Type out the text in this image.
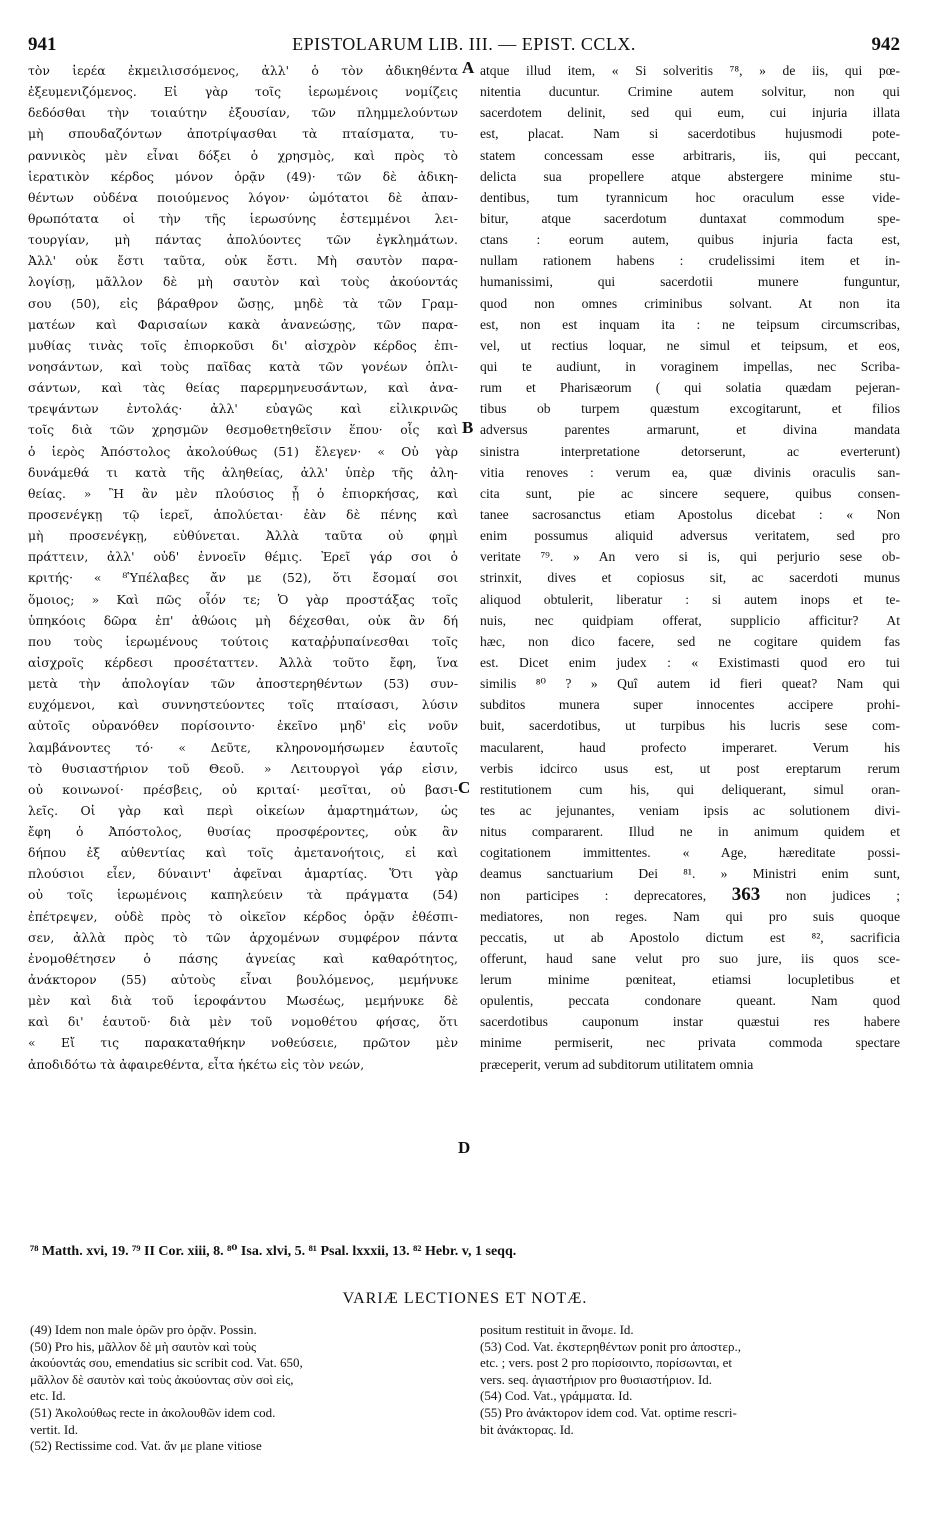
941	EPISTOLARUM LIB. III. — EPIST. CCLX.	942
τὸν ἱερέα ἐκμειλισσόμενος, ἀλλ' ὁ τὸν ἀδικηθέντα
ἐξευμενιζόμενος. Εἰ γὰρ τοῖς ἱερωμένοις νομίζεις
δεδόσθαι τὴν τοιαύτην ἐξουσίαν, τῶν πλημμελούντων
μὴ σπουδαζόντων ἀποτρίψασθαι τὰ πταίσματα, τυ-
ραννικὸς μὲν εἶναι δόξει ὁ χρησμὸς, καὶ πρὸς τὸ
ἱερατικὸν κέρδος μόνον ὁρᾷν (49)· τῶν δὲ ἀδικη-
θέντων οὐδένα ποιούμενος λόγον· ὠμότατοι δὲ ἀπαν-
θρωπότατα οἱ τὴν τῆς ἱερωσύνης ἐστεμμένοι λει-
τουργίαν, μὴ πάντας ἀπολύοντες τῶν ἐγκλημάτων.
Ἀλλ' οὐκ ἔστι ταῦτα, οὐκ ἔστι. Μὴ σαυτὸν παρα-
λογίσῃ, μᾶλλον δὲ μὴ σαυτὸν καὶ τοὺς ἀκούοντάς
σου (50), εἰς βάραθρον ὤσῃς, μηδὲ τὰ τῶν Γραμ-
ματέων καὶ Φαρισαίων κακὰ ἀνανεώσῃς, τῶν παρα-
μυθίας τινὰς τοῖς ἐπιορκοῦσι δι' αἰσχρὸν κέρδος ἐπι-
νοησάντων, καὶ τοὺς παῖδας κατὰ τῶν γονέων ὁπλι-
σάντων, καὶ τὰς θείας παρερμηνευσάντων, καὶ ἀνα-
τρεψάντων ἐντολάς· ἀλλ' εὐαγῶς καὶ εἰλικρινῶς
τοῖς διὰ τῶν χρησμῶν θεσμοθετηθεῖσιν ἕπου· οἷς καὶ
ὁ ἱερὸς Ἀπόστολος ἀκολούθως (51) ἔλεγεν· « Οὐ γὰρ
δυνάμεθά τι κατὰ τῆς ἀληθείας, ἀλλ' ὑπὲρ τῆς ἀλη-
θείας. » Ἢ ἂν μὲν πλούσιος ᾖ ὁ ἐπιορκήσας, καὶ
προσενέγκῃ τῷ ἱερεῖ, ἀπολύεται· ἐὰν δὲ πένης καὶ
μὴ προσενέγκῃ, εὐθύνεται. Ἀλλὰ ταῦτα οὐ φημὶ
πράττειν, ἀλλ' οὐδ' ἐννοεῖν θέμις. Ἐρεῖ γάρ σοι ὁ
κριτής· « ⁸Ὑπέλαβες ἄν με (52), ὅτι ἔσομαί σοι
ὅμοιος; » Καὶ πῶς οἷόν τε; Ὁ γὰρ προστάξας τοῖς
ὑπηκόοις δῶρα ἐπ' ἀθώοις μὴ δέχεσθαι, οὐκ ἂν δή
που τοὺς ἱερωμένους τούτοις καταῤῥυπαίνεσθαι τοῖς
αἰσχροῖς κέρδεσι προσέταττεν. Ἀλλὰ τοῦτο ἔφη, ἵνα
μετὰ τὴν ἀπολογίαν τῶν ἀποστερηθέντων (53) συν-
ευχόμενοι, καὶ συννηστεύοντες τοῖς πταίσασι, λύσιν
αὐτοῖς οὐρανόθεν πορίσοιντο· ἐκεῖνο μηδ' εἰς νοῦν
λαμβάνοντες τό· « Δεῦτε, κληρονομήσωμεν ἑαυτοῖς
τὸ θυσιαστήριον τοῦ Θεοῦ. » Λειτουργοὶ γάρ εἰσιν,
οὐ κοινωνοί· πρέσβεις, οὐ κριταί· μεσῖται, οὐ βασι-
λεῖς. Οἱ γὰρ καὶ περὶ οἰκείων ἁμαρτημάτων, ὡς
ἔφη ὁ Ἀπόστολος, θυσίας προσφέροντες, οὐκ ἂν
δήπου ἐξ αὐθεντίας καὶ τοῖς ἀμετανοήτοις, εἰ καὶ
πλούσιοι εἶεν, δύναιντ' ἀφεῖναι ἁμαρτίας. Ὅτι γὰρ
οὐ τοῖς ἱερωμένοις καπηλεύειν τὰ πράγματα (54)
ἐπέτρεψεν, οὐδὲ πρὸς τὸ οἰκεῖον κέρδος ὁρᾷν ἐθέσπι-
σεν, ἀλλὰ πρὸς τὸ τῶν ἀρχομένων συμφέρον πάντα
ἐνομοθέτησεν ὁ πάσης ἁγνείας καὶ καθαρότητος,
ἀνάκτορον (55) αὐτοὺς εἶναι βουλόμενος, μεμήνυκε
μὲν καὶ διὰ τοῦ ἱεροφάντου Μωσέως, μεμήνυκε δὲ
καὶ δι' ἑαυτοῦ· διὰ μὲν τοῦ νομοθέτου φήσας, ὅτι
« Εἴ τις παρακαταθήκην νοθεύσειε, πρῶτον μὲν
ἀποδιδότω τὰ ἀφαιρεθέντα, εἶτα ἡκέτω εἰς τὸν νεών,
atque illud item, « Si solveritis ⁷⁸, » de iis, qui pœ-
nitentia ducuntur. Crimine autem solvitur, non qui
sacerdotem delinit, sed qui eum, cui injuria illata
est, placat. Nam si sacerdotibus hujusmodi pote-
statem concessam esse arbitraris, iis, qui peccant,
delicta sua propellere atque abstergere minime stu-
dentibus, tum tyrannicum hoc oraculum esse vide-
bitur, atque sacerdotum duntaxat commodum spe-
ctans : eorum autem, quibus injuria facta est,
nullam rationem habens : crudelissimi item et in-
humanissimi, qui sacerdotii munere funguntur,
quod non omnes criminibus solvant. At non ita
est, non est inquam ita : ne teipsum circumscribas,
vel, ut rectius loquar, ne simul et teipsum, et eos,
qui te audiunt, in voraginem impellas, nec Scriba-
rum et Pharisæorum ( qui solatia quædam pejeran-
tibus ob turpem quæstum excogitarunt, et filios
adversus parentes armarunt, et divina mandata
sinistra interpretatione detorserunt, ac everterunt)
vitia renoves : verum ea, quæ divinis oraculis san-
cita sunt, pie ac sincere sequere, quibus consen-
tanee sacrosanctus etiam Apostolus dicebat : « Non
enim possumus aliquid adversus veritatem, sed pro
veritate ⁷⁹. » An vero si is, qui perjurio sese ob-
strinxit, dives et copiosus sit, ac sacerdoti munus
aliquod obtulerit, liberatur : si autem inops et te-
nuis, nec quidpiam offerat, supplicio afficitur? At
hæc, non dico facere, sed ne cogitare quidem fas
est. Dicet enim judex : « Existimasti quod ero tui
similis ⁸⁰ ? » Quî autem id fieri queat? Nam qui
subditos munera super innocentes accipere prohi-
buit, sacerdotibus, ut turpibus his lucris sese com-
macularent, haud profecto imperaret. Verum his
verbis idcirco usus est, ut post ereptarum rerum
restitutionem cum his, qui deliquerant, simul oran-
tes ac jejunantes, veniam ipsis ac solutionem divi-
nitus compararent. Illud ne in animum quidem et
cogitationem immittentes. « Age, hæreditate possi-
deamus sanctuarium Dei ⁸¹. » Ministri enim sunt,
non participes : deprecatores, 363 non judices ;
mediatores, non reges. Nam qui pro suis quoque
peccatis, ut ab Apostolo dictum est ⁸², sacrificia
offerunt, haud sane velut pro suo jure, iis quos sce-
lerum minime pœniteat, etiamsi locupletibus et
opulentis, peccata condonare queant. Nam quod
sacerdotibus cauponum instar quæstui res habere
minime permiserit, nec privata commoda spectare
præceperit, verum ad subditorum utilitatem omnia
A
B
C
D
⁷⁸ Matth. xvi, 19. ⁷⁹ II Cor. xiii, 8. ⁸⁰ Isa. xlvi, 5. ⁸¹ Psal. lxxxii, 13. ⁸² Hebr. v, 1 seqq.
VARIÆ LECTIONES ET NOTÆ.
(49) Idem non male ὁρῶν pro ὁρᾷν. Possin.
(50) Pro his, μᾶλλον δὲ μὴ σαυτὸν καὶ τοὺς
ἀκούοντάς σου, emendatius sic scribit cod. Vat. 650,
μᾶλλον δὲ σαυτὸν καὶ τοὺς ἀκούοντας σὺν σοὶ εἰς,
etc. Id.
(51) Ἀκολούθως recte in ἀκολουθῶν idem cod.
vertit. Id.
(52) Rectissime cod. Vat. ἄν με plane vitiose
positum restituit in ἄνομε. Id.
(53) Cod. Vat. ἐκστερηθέντων ponit pro ἀποστερ.,
etc. ; vers. post 2 pro πορίσοιντο, πορίσωνται, et
vers. seq. ἁγιαστήριον pro θυσιαστήριον. Id.
(54) Cod. Vat., γράμματα. Id.
(55) Pro ἀνάκτορον idem cod. Vat. optime rescri-
bit ἀνάκτορας. Id.
